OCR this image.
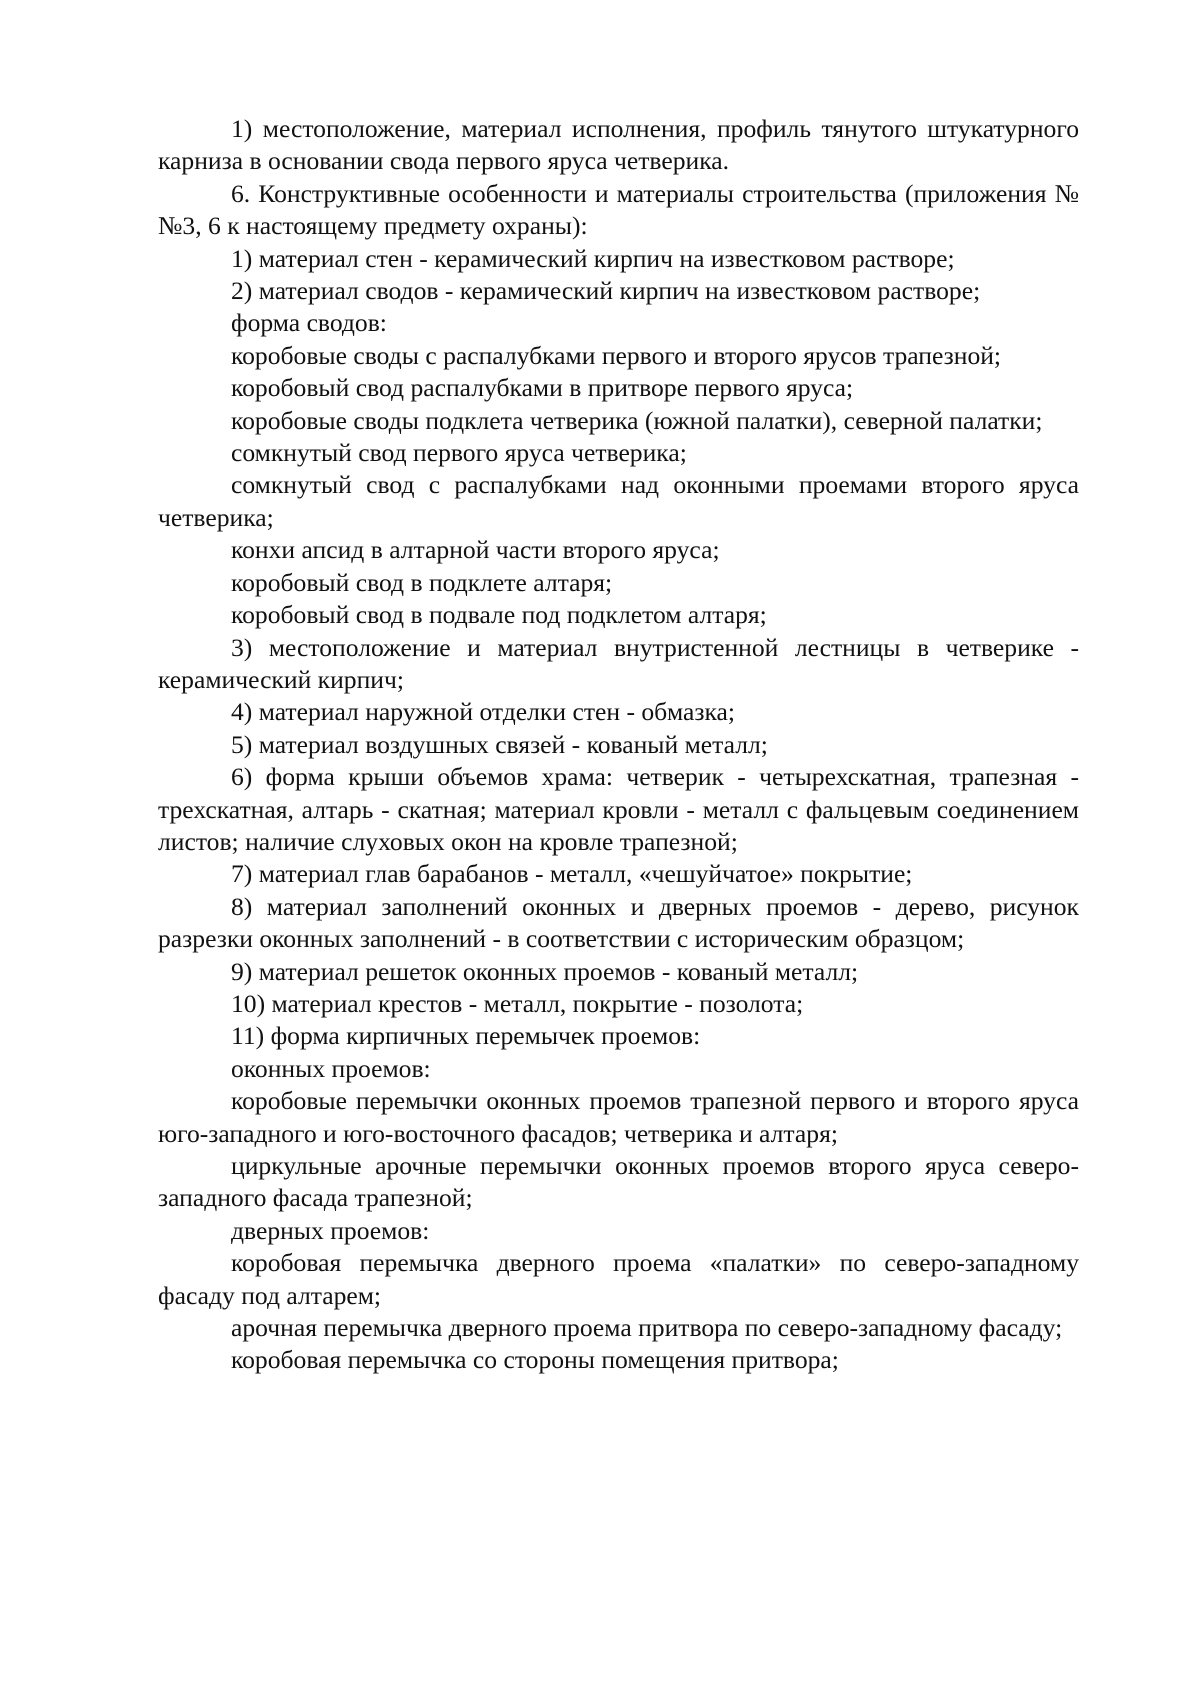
1) местоположение, материал исполнения, профиль тянутого штукатурного карниза в основании свода первого яруса четверика.

6. Конструктивные особенности и материалы строительства (приложения №№3, 6 к настоящему предмету охраны):

1) материал стен - керамический кирпич на известковом растворе;

2) материал сводов - керамический кирпич на известковом растворе;

форма сводов:

коробовые своды с распалубками первого и второго ярусов трапезной;

коробовый свод распалубками в притворе первого яруса;

коробовые своды подклета четверика (южной палатки), северной палатки;

сомкнутый свод первого яруса четверика;

сомкнутый свод с распалубками над оконными проемами второго яруса четверика;

конхи апсид в алтарной части второго яруса;

коробовый свод в подклете алтаря;

коробовый свод в подвале под подклетом алтаря;

3) местоположение и материал внутристенной лестницы в четверике - керамический кирпич;

4) материал наружной отделки стен - обмазка;

5) материал воздушных связей - кованый металл;

6) форма крыши объемов храма: четверик - четырехскатная, трапезная - трехскатная, алтарь - скатная; материал кровли - металл с фальцевым соединением листов; наличие слуховых окон на кровле трапезной;

7) материал глав барабанов - металл, «чешуйчатое» покрытие;

8) материал заполнений оконных и дверных проемов - дерево, рисунок разрезки оконных заполнений - в соответствии с историческим образцом;

9) материал решеток оконных проемов - кованый металл;

10) материал крестов - металл, покрытие - позолота;

11) форма кирпичных перемычек проемов:

оконных проемов:

коробовые перемычки оконных проемов трапезной первого и второго яруса юго-западного и юго-восточного фасадов; четверика и алтаря;

циркульные арочные перемычки оконных проемов второго яруса северо-западного фасада трапезной;

дверных проемов:

коробовая перемычка дверного проема «палатки» по северо-западному фасаду под алтарем;

арочная перемычка дверного проема притвора по северо-западному фасаду;

коробовая перемычка со стороны помещения притвора;
